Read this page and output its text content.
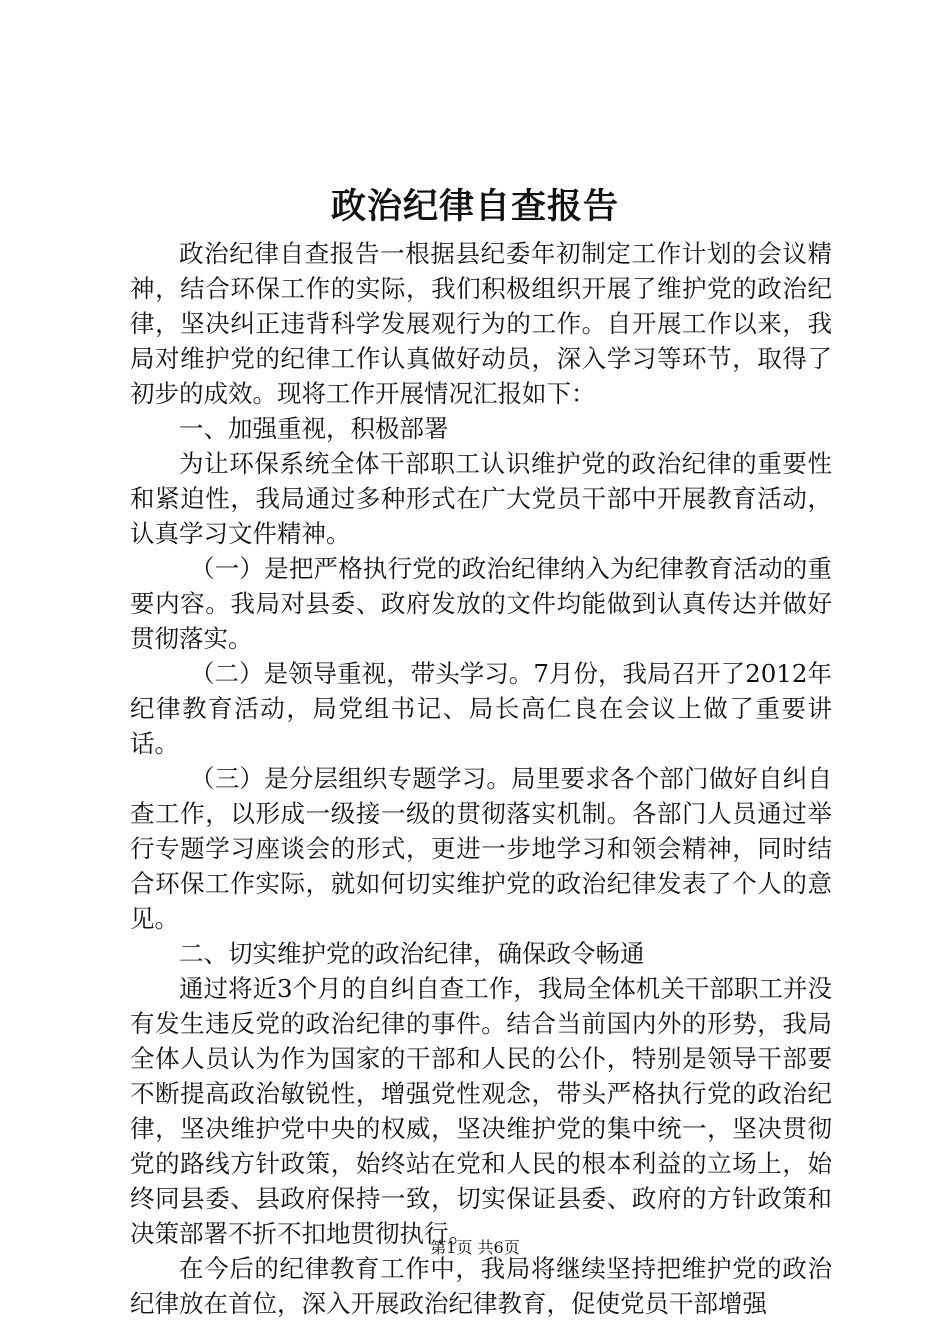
政治纪律自查报告

政治纪律自查报告一根据县纪委年初制定工作计划的会议精神，结合环保工作的实际，我们积极组织开展了维护党的政治纪律，坚决纠正违背科学发展观行为的工作。自开展工作以来，我局对维护党的纪律工作认真做好动员，深入学习等环节，取得了初步的成效。现将工作开展情况汇报如下：

一、加强重视，积极部署

为让环保系统全体干部职工认识维护党的政治纪律的重要性和紧迫性，我局通过多种形式在广大党员干部中开展教育活动，认真学习文件精神。

（一）是把严格执行党的政治纪律纳入为纪律教育活动的重要内容。我局对县委、政府发放的文件均能做到认真传达并做好贯彻落实。

（二）是领导重视，带头学习。7月份，我局召开了2012年纪律教育活动，局党组书记、局长高仁良在会议上做了重要讲话。

（三）是分层组织专题学习。局里要求各个部门做好自纠自查工作，以形成一级接一级的贯彻落实机制。各部门人员通过举行专题学习座谈会的形式，更进一步地学习和领会精神，同时结合环保工作实际，就如何切实维护党的政治纪律发表了个人的意见。

二、切实维护党的政治纪律，确保政令畅通

通过将近3个月的自纠自查工作，我局全体机关干部职工并没有发生违反党的政治纪律的事件。结合当前国内外的形势，我局全体人员认为作为国家的干部和人民的公仆，特别是领导干部要不断提高政治敏锐性，增强党性观念，带头严格执行党的政治纪律，坚决维护党中央的权威，坚决维护党的集中统一，坚决贯彻党的路线方针政策，始终站在党和人民的根本利益的立场上，始终同县委、县政府保持一致，切实保证县委、政府的方针政策和决策部署不折不扣地贯彻执行。

在今后的纪律教育工作中，我局将继续坚持把维护党的政治纪律放在首位，深入开展政治纪律教育，促使党员干部增强

第1页 共6页
